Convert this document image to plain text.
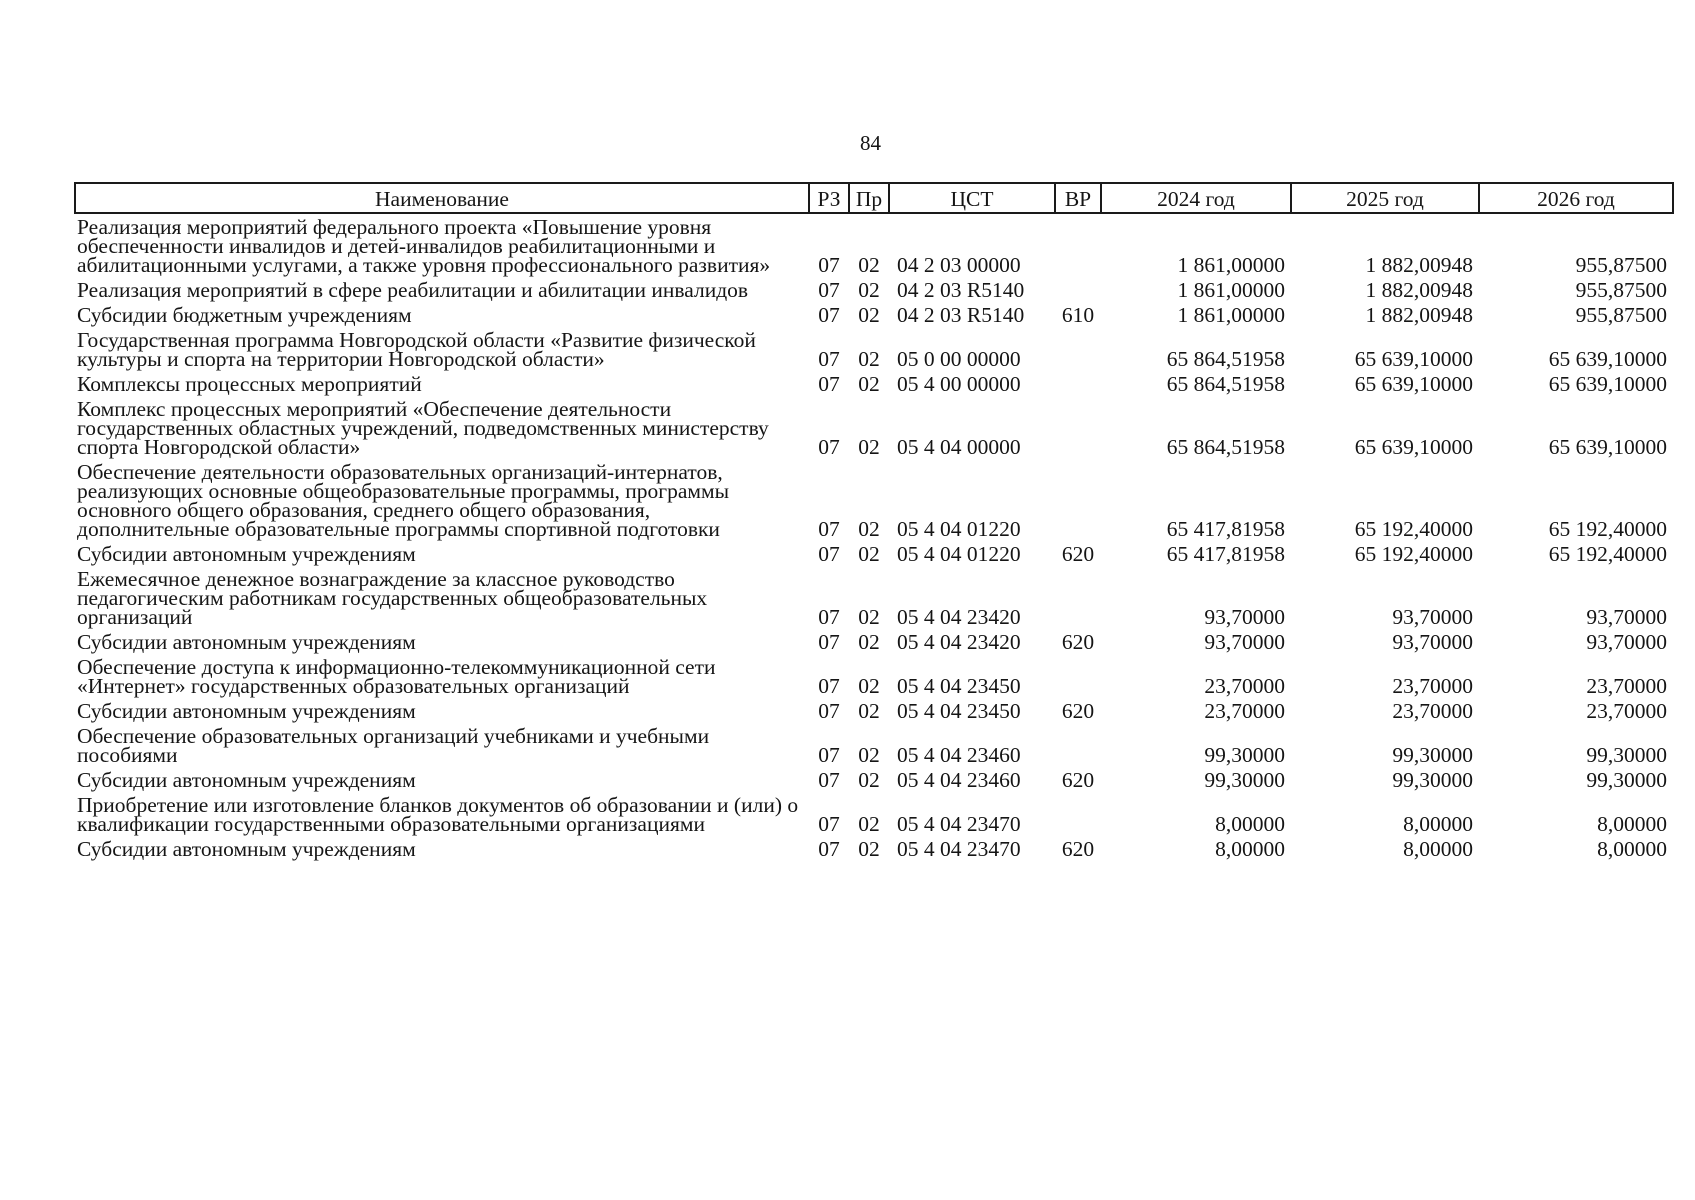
84
Наименование	РЗ	Пр	ЦСТ	ВР	2024 год	2025 год	2026 год
Реализация мероприятий федерального проекта «Повышение уровня обеспеченности инвалидов и детей-инвалидов реабилитационными и абилитационными услугами, а также уровня профессионального развития»	07	02	04 2 03 00000		1 861,00000	1 882,00948	955,87500
Реализация мероприятий в сфере реабилитации и абилитации инвалидов	07	02	04 2 03 R5140		1 861,00000	1 882,00948	955,87500
Субсидии бюджетным учреждениям	07	02	04 2 03 R5140	610	1 861,00000	1 882,00948	955,87500
Государственная программа Новгородской области «Развитие физической культуры и спорта на территории Новгородской области»	07	02	05 0 00 00000		65 864,51958	65 639,10000	65 639,10000
Комплексы процессных мероприятий	07	02	05 4 00 00000		65 864,51958	65 639,10000	65 639,10000
Комплекс процессных мероприятий «Обеспечение деятельности государственных областных учреждений, подведомственных министерству спорта Новгородской области»	07	02	05 4 04 00000		65 864,51958	65 639,10000	65 639,10000
Обеспечение деятельности образовательных организаций-интернатов, реализующих основные общеобразовательные программы, программы основного общего образования, среднего общего образования, дополнительные образовательные программы спортивной подготовки	07	02	05 4 04 01220		65 417,81958	65 192,40000	65 192,40000
Субсидии автономным учреждениям	07	02	05 4 04 01220	620	65 417,81958	65 192,40000	65 192,40000
Ежемесячное денежное вознаграждение за классное руководство педагогическим работникам государственных общеобразовательных организаций	07	02	05 4 04 23420		93,70000	93,70000	93,70000
Субсидии автономным учреждениям	07	02	05 4 04 23420	620	93,70000	93,70000	93,70000
Обеспечение доступа к информационно-телекоммуникационной сети «Интернет» государственных образовательных организаций	07	02	05 4 04 23450		23,70000	23,70000	23,70000
Субсидии автономным учреждениям	07	02	05 4 04 23450	620	23,70000	23,70000	23,70000
Обеспечение образовательных организаций учебниками и учебными пособиями	07	02	05 4 04 23460		99,30000	99,30000	99,30000
Субсидии автономным учреждениям	07	02	05 4 04 23460	620	99,30000	99,30000	99,30000
Приобретение или изготовление бланков документов об образовании и (или) о квалификации государственными образовательными организациями	07	02	05 4 04 23470		8,00000	8,00000	8,00000
Субсидии автономным учреждениям	07	02	05 4 04 23470	620	8,00000	8,00000	8,00000
